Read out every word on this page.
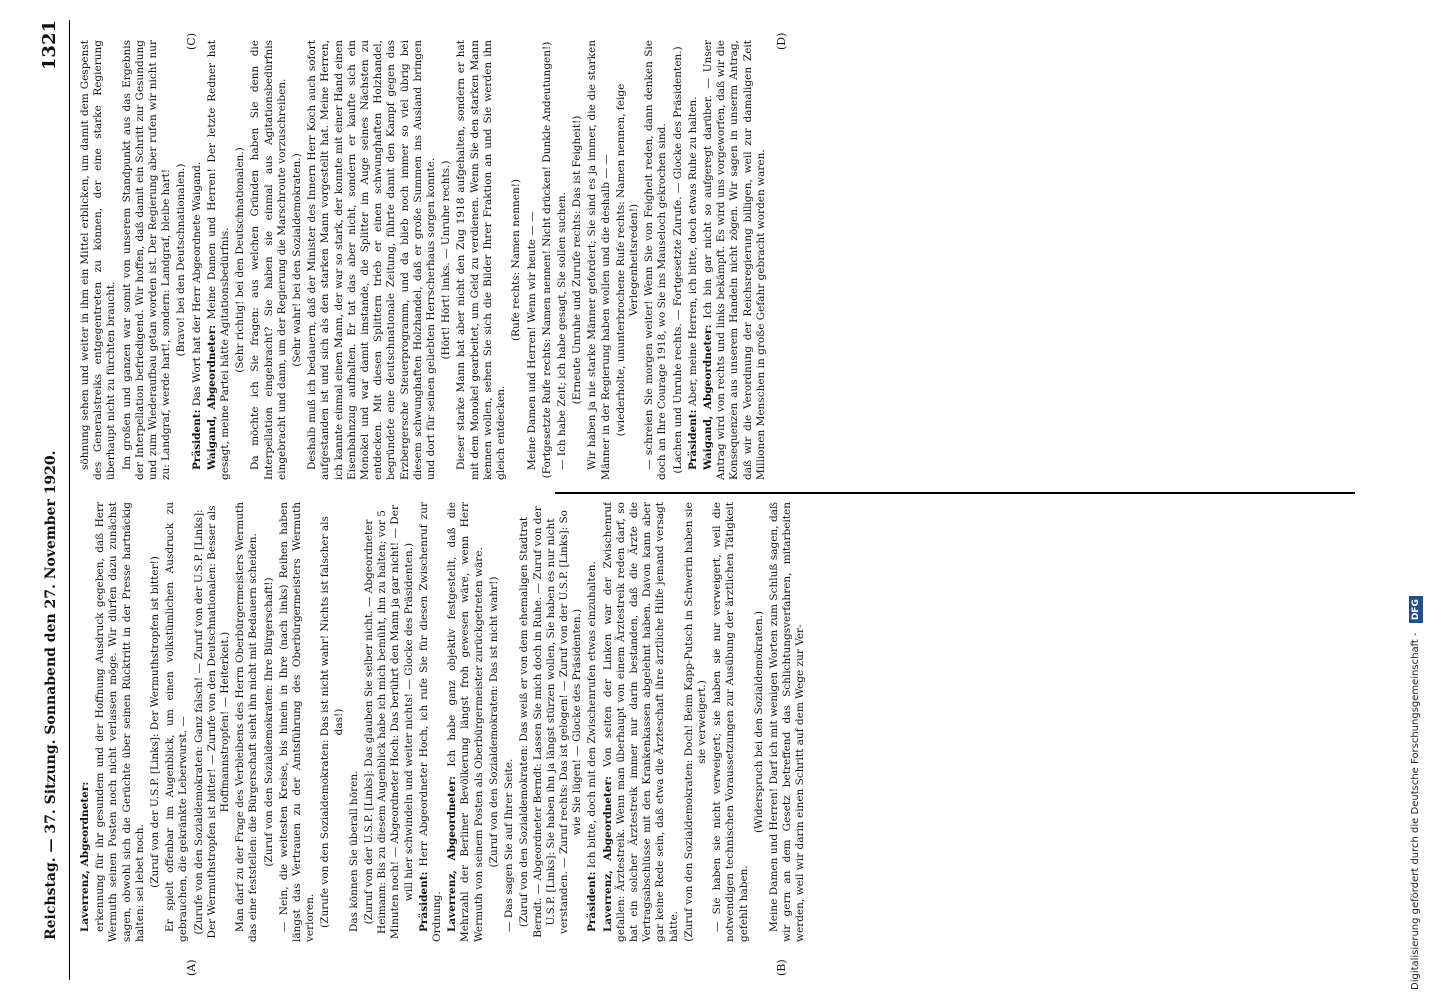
Reichstag. — 37. Sitzung. Sonnabend den 27. November 1920.
1321
(A)	(B)
(C)	(D)

Laverrenz, Abgeordneter: erkennung für ihr gesundem und der Hoffnung Ausdruck gegeben, daß Herr Wermuth seinen Posten noch nicht verlassen möge. Wir dürfen dazu zunächst sagen, obwohl sich die Gerüchte über seinen Rücktritt in der Presse hartnäckig halten: sei lebet noch. (Zuruf von der U.S.P. [Links]: Der Wermuthstropfen ist bitter!) Er spielt offenbar im Augenblick, um einen volkstümlichen Ausdruck zu gebrauchen, die gekränkte Leberwurst. — (Zurufe von den Sozialdemokraten: Ganz falsch! — Zuruf von der U.S.P. [Links]: Der Wermuthstropfen ist bitter! — Zurufe von den Deutschnationalen: Besser als Hoffmannstropfen! — Heiterkeit.) Man darf zu der Frage des Verbleibens des Herrn Oberbürgermeisters Wermuth das eine feststellen: die Bürgerschaft sieht ihn nicht mit Bedauern scheiden. (Zuruf von den Sozialdemokraten: Ihre Bürgerschaft!) — Nein, die weitesten Kreise, bis hinein in Ihre (nach links) Reihen haben längst das Vertrauen zu der Amtsführung des Oberbürgermeisters Wermuth verloren. (Zurufe von den Sozialdemokraten: Das ist nicht wahr! Nichts ist falscher als das!)

Das können Sie überall hören. (Zuruf von der U.S.P. [Links]: Das glauben Sie selber nicht. — Abgeordneter Heimann: Bis zu diesem Augenblick habe ich mich bemüht, ihn zu halten; vor 5 Minuten noch! — Abgeordneter Hoch: Das berührt den Mann ja gar nicht! — Der will hier schwindeln und weiter nichts! — Glocke des Präsidenten.)

Präsident: Herr Abgeordneter Hoch, ich rufe Sie für diesen Zwischenruf zur Ordnung. Laverrenz, Abgeordneter: Ich habe ganz objektiv festgestellt, daß die Mehrzahl der Berliner Bevölkerung längst froh gewesen wäre, wenn Herr Wermuth von seinem Posten als Oberbürgermeister zurückgetreten wäre. (Zuruf von den Sozialdemokraten: Das ist nicht wahr!) — Das sagen Sie auf Ihrer Seite. (Zuruf von den Sozialdemokraten: Das weiß er von dem ehemaligen Stadtrat Berndt. — Abgeordneter Berndt: Lassen Sie mich doch in Ruhe. — Zuruf von der U.S.P. [Links]: Sie haben ihn ja längst stürzen wollen, Sie haben es nur nicht verstanden. — Zuruf rechts: Das ist gelogen! — Zuruf von der U.S.P. [Links]: So wie Sie lügen! — Glocke des Präsidenten.)

Präsident: Ich bitte, doch mit den Zwischenrufen etwas einzuhalten. Laverrenz, Abgeordneter: Von seiten der Linken war der Zwischenruf gefallen: Ärztestreik. Wenn man überhaupt von einem Ärztestreik reden darf, so hat ein solcher Ärztestreik immer nur darin bestanden, daß die Ärzte die Vertragsabschlüsse mit den Krankenkassen abgelehnt haben. Davon kann aber gar keine Rede sein, daß etwa die Ärzteschaft ihre ärztliche Hilfe jemand versagt hätte. (Zuruf von den Sozialdemokraten: Doch! Beim Kapp-Putsch in Schwerin haben sie sie verweigert.) — Sie haben sie nicht verweigert; sie haben sie nur verweigert, weil die notwendigen technischen Voraussetzungen zur Ausübung der ärztlichen Tätigkeit gefehlt haben.

(Widerspruch bei den Sozialdemokraten.) Meine Damen und Herren! Darf ich mit wenigen Worten zum Schluß sagen, daß wir gern an dem Gesetz betreffend das Schlichtungsverfahren, mitarbeiten werden, weil wir darin einen Schritt auf dem Wege zur Ver-

söhnung sehen und weiter in ihm ein Mittel erblicken, um damit dem Gespenst des Generalstreiks entgegentreten zu können, der eine starke Regierung überhaupt nicht zu fürchten braucht. Im großen und ganzen war somit von unserem Standpunkt aus das Ergebnis der Interpellation befriedigend. Wir hoffen, daß damit ein Schritt zur Gesundung und zum Wiederaufbau getan worden ist. Der Regierung aber rufen wir nicht nur zu: Landgraf, werde hart!, sondern: Landgraf, bleibe hart! (Bravo! bei den Deutschnationalen.)

Präsident: Das Wort hat der Herr Abgeordnete Waigand. Waigand, Abgeordneter: Meine Damen und Herren! Der letzte Redner hat gesagt, meine Partei hätte Agitationsbedürfnis. (Sehr richtig! bei den Deutschnationalen.) Da möchte ich Sie fragen: aus welchen Gründen haben Sie denn die Interpellation eingebracht? Sie haben sie einmal aus Agitationsbedürfnis eingebracht und dann, um der Regierung die Marschroute vorzuschreiben. (Sehr wahr! bei den Sozialdemokraten.) Deshalb muß ich bedauern, daß der Minister des Innern Herr Koch auch sofort aufgestanden ist und sich als den starken Mann vorgestellt hat. Meine Herren, ich kannte einmal einen Mann, der war so stark, der konnte mit einer Hand einen Eisenbahnzug aufhalten. Er tat das aber nicht, sondern er kaufte sich ein Monokel und war damit imstande, die Splitter im Auge seines Nächsten zu entdecken. Mit diesen Splittern trieb er einen schwunghaften Holzhandel, begründete eine deutschnationale Zeitung, führte damit den Kampf gegen das Erzbergersche Steuerprogramm, und da blieb noch immer so viel übrig bei diesem schwunghaften Holzhandel, daß er große Summen ins Ausland bringen und dort für seinen geliebten Herrscherhaus sorgen konnte. (Hört! Hört! links. — Unruhe rechts.) Dieser starke Mann hat aber nicht den Zug 1918 aufgehalten, sondern er hat mit dem Monokel gearbeitet, um Geld zu verdienen. Wenn Sie den starken Mann kennen wollen, sehen Sie sich die Bilder Ihrer Fraktion an und Sie werden ihn gleich entdecken.

(Rufe rechts: Namen nennen!) Meine Damen und Herren! Wenn wir heute — — (Fortgesetzte Rufe rechts: Namen nennen! Nicht drücken! Dunkle Andeutungen!) — Ich habe Zeit; ich habe gesagt, Sie sollen suchen. (Erneute Unruhe und Zurufe rechts: Das ist Feigheit!) Wir haben ja nie starke Männer gefordert; Sie sind es ja immer, die die starken Männer in der Regierung haben wollen und die deshalb — — (wiederholte, ununterbrochene Rufe rechts: Namen nennen, feige Verlegenheitsreden!) — schreien Sie morgen weiter! Wenn Sie von Feigheit reden, dann denken Sie doch an Ihre Courage 1918, wo Sie ins Mauseloch gekrochen sind. (Lachen und Unruhe rechts. — Fortgesetzte Zurufe. — Glocke des Präsidenten.) Präsident: Aber, meine Herren, ich bitte, doch etwas Ruhe zu halten. Waigand, Abgeordneter: Ich bin gar nicht so aufgeregt darüber. — Unser Antrag wird von rechts und links bekämpft. Es wird uns vorgeworfen, daß wir die Konsequenzen aus unserem Handeln nicht zögen. Wir sagen in unserm Antrag, daß wir die Verordnung der Reichsregierung billigen, weil zur damaligen Zeit Millionen Menschen in große Gefahr gebracht worden waren.

Digitalisierung gefördert durch die Deutsche Forschungsgemeinschaft - DFG
